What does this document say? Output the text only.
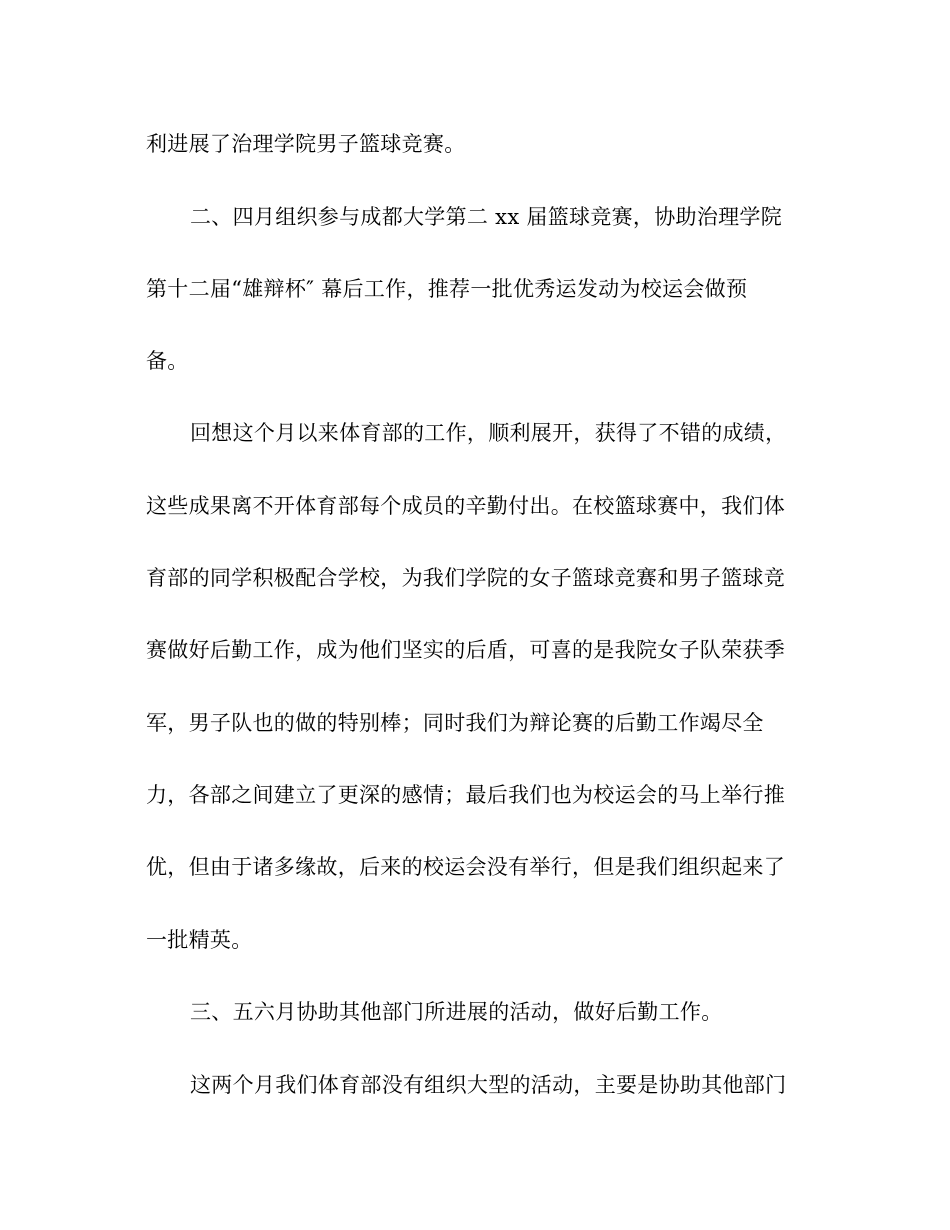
利进展了治理学院男子篮球竞赛。
二、四月组织参与成都大学第二 xx 届篮球竞赛，协助治理学院
第十二届“雄辩杯″ 幕后工作，推荐一批优秀运发动为校运会做预
备。
回想这个月以来体育部的工作，顺利展开，获得了不错的成绩，
这些成果离不开体育部每个成员的辛勤付出。在校篮球赛中，我们体
育部的同学积极配合学校，为我们学院的女子篮球竞赛和男子篮球竞
赛做好后勤工作，成为他们坚实的后盾，可喜的是我院女子队荣获季
军，男子队也的做的特别棒；同时我们为辩论赛的后勤工作竭尽全
力，各部之间建立了更深的感情；最后我们也为校运会的马上举行推
优，但由于诸多缘故，后来的校运会没有举行，但是我们组织起来了
一批精英。
三、五六月协助其他部门所进展的活动，做好后勤工作。
这两个月我们体育部没有组织大型的活动，主要是协助其他部门
